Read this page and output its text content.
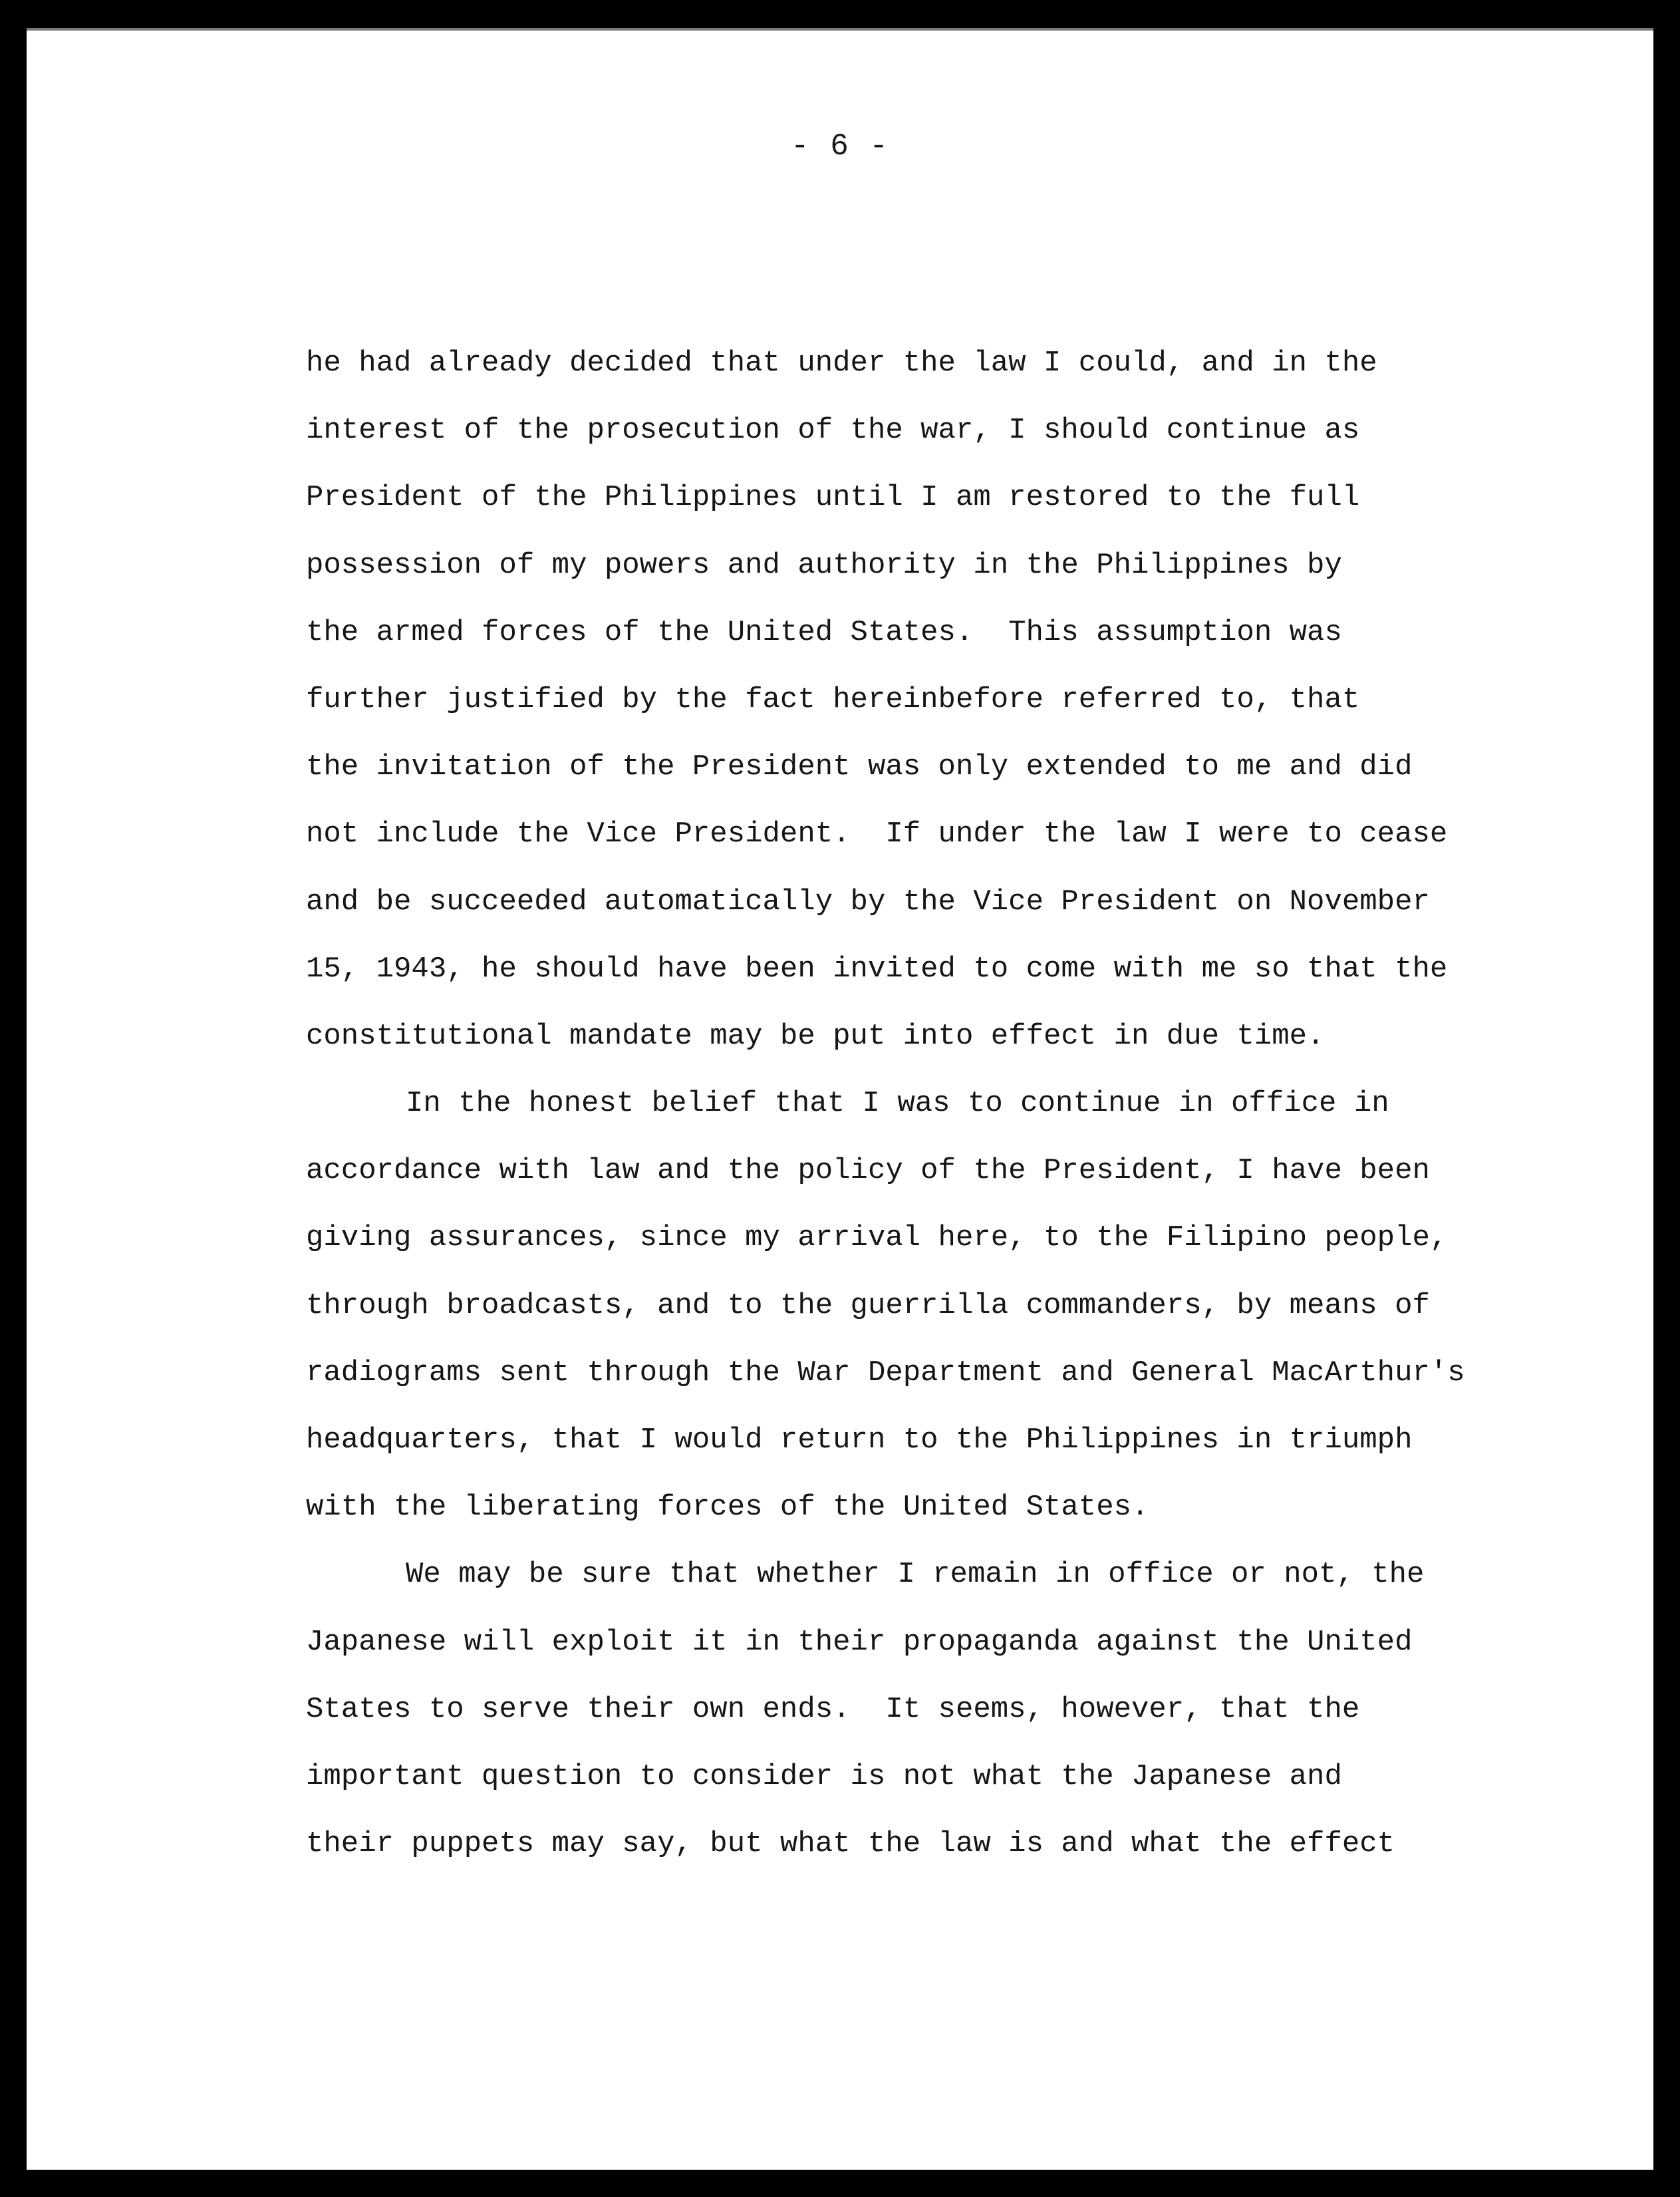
- 6 -
he had already decided that under the law I could, and in the
interest of the prosecution of the war, I should continue as
President of the Philippines until I am restored to the full
possession of my powers and authority in the Philippines by
the armed forces of the United States.  This assumption was
further justified by the fact hereinbefore referred to, that
the invitation of the President was only extended to me and did
not include the Vice President.  If under the law I were to cease
and be succeeded automatically by the Vice President on November
15, 1943, he should have been invited to come with me so that the
constitutional mandate may be put into effect in due time.
In the honest belief that I was to continue in office in
accordance with law and the policy of the President, I have been
giving assurances, since my arrival here, to the Filipino people,
through broadcasts, and to the guerrilla commanders, by means of
radiograms sent through the War Department and General MacArthur's
headquarters, that I would return to the Philippines in triumph
with the liberating forces of the United States.
We may be sure that whether I remain in office or not, the
Japanese will exploit it in their propaganda against the United
States to serve their own ends.  It seems, however, that the
important question to consider is not what the Japanese and
their puppets may say, but what the law is and what the effect
